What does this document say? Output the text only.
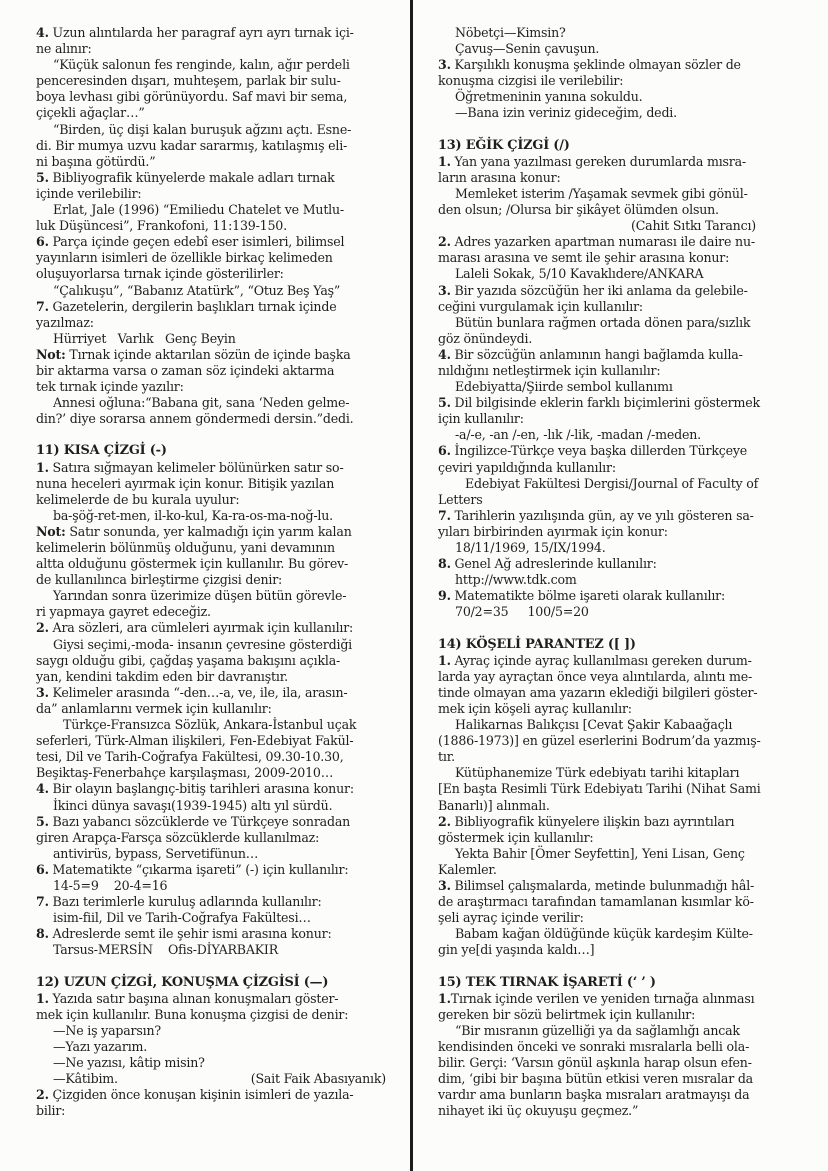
4. Uzun alıntılarda her paragraf ayrı ayrı tırnak içi-
ne alınır:
“Küçük salonun fes renginde, kalın, ağır perdeli
penceresinden dışarı, muhteşem, parlak bir sulu-
boya levhası gibi görünüyordu. Saf mavi bir sema,
çiçekli ağaçlar…”
“Birden, üç dişi kalan buruşuk ağzını açtı. Esne-
di. Bir mumya uzvu kadar sararmış, katılaşmış eli-
ni başına götürdü.”
5. Bibliyografik künyelerde makale adları tırnak
içinde verilebilir:
Erlat, Jale (1996) “Emiliedu Chatelet ve Mutlu-
luk Düşüncesi”, Frankofoni, 11:139-150.
6. Parça içinde geçen edebî eser isimleri, bilimsel
yayınların isimleri de özellikle birkaç kelimeden
oluşuyorlarsa tırnak içinde gösterilirler:
“Çalıkuşu”, “Babanız Atatürk”, “Otuz Beş Yaş”
7. Gazetelerin, dergilerin başlıkları tırnak içinde
yazılmaz:
Hürriyet   Varlık   Genç Beyin
Not: Tırnak içinde aktarılan sözün de içinde başka
bir aktarma varsa o zaman söz içindeki aktarma
tek tırnak içinde yazılır:
Annesi oğluna:“Babana git, sana ‘Neden gelme-
din?’ diye sorarsa annem göndermedi dersin.”dedi.

11) KISA ÇİZGİ (-)
1. Satıra sığmayan kelimeler bölünürken satır so-
nuna heceleri ayırmak için konur. Bitişik yazılan
kelimelerde de bu kurala uyulur:
ba-şöğ-ret-men, il-ko-kul, Ka-ra-os-ma-noğ-lu.
Not: Satır sonunda, yer kalmadığı için yarım kalan
kelimelerin bölünmüş olduğunu, yani devamının
altta olduğunu göstermek için kullanılır. Bu görev-
de kullanılınca birleştirme çizgisi denir:
Yarından sonra üzerimize düşen bütün görevle-
ri yapmaya gayret edeceğiz.
2. Ara sözleri, ara cümleleri ayırmak için kullanılır:
Giysi seçimi,-moda- insanın çevresine gösterdiği
saygı olduğu gibi, çağdaş yaşama bakışını açıkla-
yan, kendini takdim eden bir davranıştır.
3. Kelimeler arasında “-den…-a, ve, ile, ila, arasın-
da” anlamlarını vermek için kullanılır:
Türkçe-Fransızca Sözlük, Ankara-İstanbul uçak
seferleri, Türk-Alman ilişkileri, Fen-Edebiyat Fakül-
tesi, Dil ve Tarih-Coğrafya Fakültesi, 09.30-10.30,
Beşiktaş-Fenerbahçe karşılaşması, 2009-2010…
4. Bir olayın başlangıç-bitiş tarihleri arasına konur:
İkinci dünya savaşı(1939-1945) altı yıl sürdü.
5. Bazı yabancı sözcüklerde ve Türkçeye sonradan
giren Arapça-Farsça sözcüklerde kullanılmaz:
antivirüs, bypass, Servetifünun…
6. Matematikte “çıkarma işareti” (-) için kullanılır:
14-5=9    20-4=16
7. Bazı terimlerle kuruluş adlarında kullanılır:
isim-fiil, Dil ve Tarih-Coğrafya Fakültesi…
8. Adreslerde semt ile şehir ismi arasına konur:
Tarsus-MERSİN    Ofis-DİYARBAKIR

12) UZUN ÇİZGİ, KONUŞMA ÇİZGİSİ (—)
1. Yazıda satır başına alınan konuşmaları göster-
mek için kullanılır. Buna konuşma çizgisi de denir:
—Ne iş yaparsın?
—Yazı yazarım.
—Ne yazısı, kâtip misin?
—Kâtibim.	(Sait Faik Abasıyanık)
2. Çizgiden önce konuşan kişinin isimleri de yazıla-
bilir:
Nöbetçi—Kimsin?
Çavuş—Senin çavuşun.
3. Karşılıklı konuşma şeklinde olmayan sözler de
konuşma cizgisi ile verilebilir:
Öğretmeninin yanına sokuldu.
—Bana izin veriniz gideceğim, dedi.

13) EĞİK ÇİZGİ (/)
1. Yan yana yazılması gereken durumlarda mısra-
ların arasına konur:
Memleket isterim /Yaşamak sevmek gibi gönül-
den olsun; /Olursa bir şikâyet ölümden olsun.
(Cahit Sıtkı Tarancı)
2. Adres yazarken apartman numarası ile daire nu-
marası arasına ve semt ile şehir arasına konur:
Laleli Sokak, 5/10 Kavaklıdere/ANKARA
3. Bir yazıda sözcüğün her iki anlama da gelebile-
ceğini vurgulamak için kullanılır:
Bütün bunlara rağmen ortada dönen para/sızlık
göz önündeydi.
4. Bir sözcüğün anlamının hangi bağlamda kulla-
nıldığını netleştirmek için kullanılır:
Edebiyatta/Şiirde sembol kullanımı
5. Dil bilgisinde eklerin farklı biçimlerini göstermek
için kullanılır:
-a/-e, -an /-en, -lık /-lik, -madan /-meden.
6. İngilizce-Türkçe veya başka dillerden Türkçeye
çeviri yapıldığında kullanılır:
Edebiyat Fakültesi Dergisi/Journal of Faculty of
Letters
7. Tarihlerin yazılışında gün, ay ve yılı gösteren sa-
yıları birbirinden ayırmak için konur:
18/11/1969, 15/IX/1994.
8. Genel Ağ adreslerinde kullanılır:
http://www.tdk.com
9. Matematikte bölme işareti olarak kullanılır:
70/2=35     100/5=20

14) KÖŞELİ PARANTEZ ([ ])
1. Ayraç içinde ayraç kullanılması gereken durum-
larda yay ayraçtan önce veya alıntılarda, alıntı me-
tinde olmayan ama yazarın eklediği bilgileri göster-
mek için köşeli ayraç kullanılır:
Halikarnas Balıkçısı [Cevat Şakir Kabaağaçlı
(1886-1973)] en güzel eserlerini Bodrum’da yazmış-
tır.
Kütüphanemize Türk edebiyatı tarihi kitapları
[En başta Resimli Türk Edebiyatı Tarihi (Nihat Sami
Banarlı)] alınmalı.
2. Bibliyografik künyelere ilişkin bazı ayrıntıları
göstermek için kullanılır:
Yekta Bahir [Ömer Seyfettin], Yeni Lisan, Genç
Kalemler.
3. Bilimsel çalışmalarda, metinde bulunmadığı hâl-
de araştırmacı tarafından tamamlanan kısımlar kö-
şeli ayraç içinde verilir:
Babam kağan öldüğünde küçük kardeşim Külte-
gin ye[di yaşında kaldı…]

15) TEK TIRNAK İŞARETİ (‘ ’ )
1.Tırnak içinde verilen ve yeniden tırnağa alınması
gereken bir sözü belirtmek için kullanılır:
“Bir mısranın güzelliği ya da sağlamlığı ancak
kendisinden önceki ve sonraki mısralarla belli ola-
bilir. Gerçi: ‘Varsın gönül aşkınla harap olsun efen-
dim, ‘gibi bir başına bütün etkisi veren mısralar da
vardır ama bunların başka mısraları aratmayışı da
nihayet iki üç okuyuşu geçmez.”
